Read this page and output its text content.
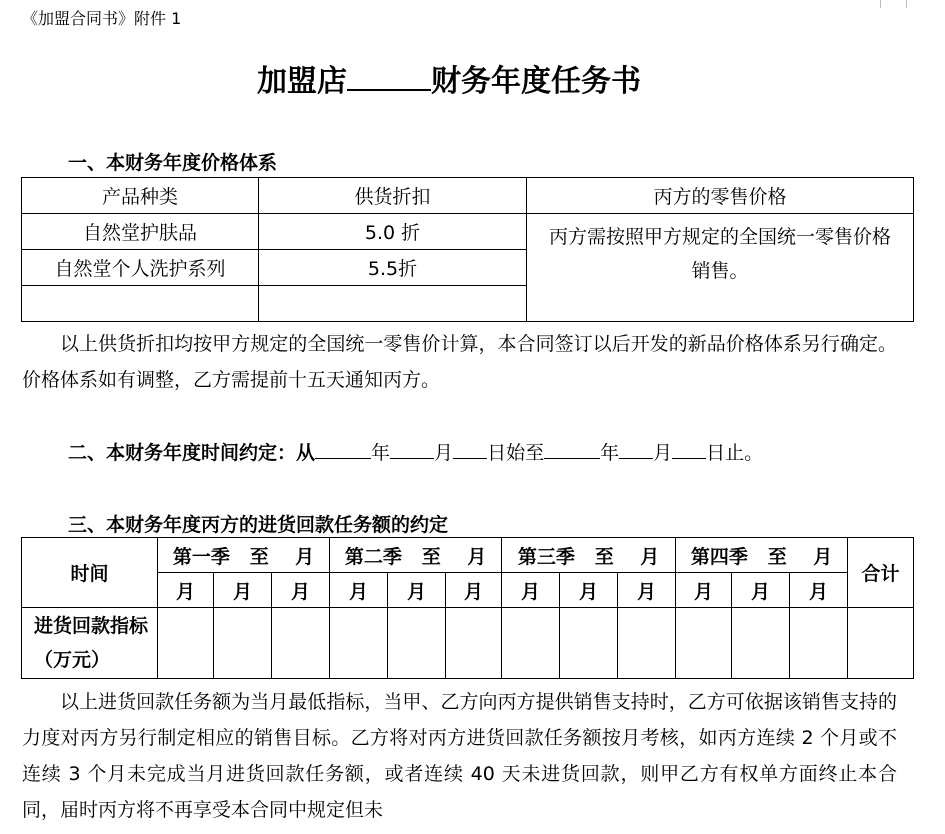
《加盟合同书》附件 1
加盟店	财务年度任务书
一、本财务年度价格体系
产品种类	供货折扣	丙方的零售价格
自然堂护肤品	5.0 折	丙方需按照甲方规定的全国统一零售价格销售。

自然堂个人洗护系列	5.5折	

以上供货折扣均按甲方规定的全国统一零售价计算，本合同签订以后开发的新品价格体系另行确定。价格体系如有调整，乙方需提前十五天通知丙方。
二、本财务年度时间约定：从	年 月 日始至	年 月 日止。
三、本财务年度丙方的进货回款任务额的约定
时间	第一季 至 月			第二季 至 月			第三季 至 月			第四季 至 月			合计
	月	月	月	月	月	月	月	月	月	月	月	月	
进货回款指标（万元）													
以上进货回款任务额为当月最低指标，当甲、乙方向丙方提供销售支持时，乙方可依据该销售支持的力度对丙方另行制定相应的销售目标。乙方将对丙方进货回款任务额按月考核，如丙方连续 2 个月或不连续 3 个月未完成当月进货回款任务额，或者连续 40 天未进货回款，则甲乙方有权单方面终止本合同，届时丙方将不再享受本合同中规定但未
